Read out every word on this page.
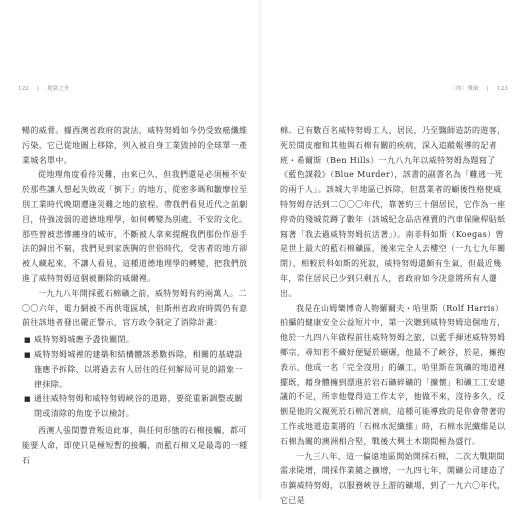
122 | 地獄之外

暢的威脅。據西澳省政府的說法，威特努姆如今仍受致癌纖維污染，它已從地圖上移除，列入被自身工業毀掉的全球單一產業城名單中。

從地理角度看待災難，由來已久，但我們還是必須極不安於那些讓人想起失敗或「倒下」的地方，從密多瑪和皺摩拉至別工業時代晚期遭逢災難之地的旅程。帶我們看見近代之前劇目，侍強凌弱的道德地理學，如何轉變為別處、不安的文化。那些曾被悲慘纏身的城市，不斷被人拿來提醒我們那份作惡手法的歸出不窮，我們見到家族胸的世俗時代，受害者的地方卻被人藏起來，不讓人看見，這種道德地理學的轉變，把我們放進了威特努姆這個被刪除的威爾裡。

一九九八年開採藍石棉礦之前，威特努姆有約兩萬人。二〇〇六年，電力網被不再供電區域，但斯州省政府時間仍有意前往該地者發出嚴正警示，官方政令制定了消除計畫：

■ 威特努姆城應予盡快關閉。
■ 威特努姆城裡的建築和結構體該悉數拆除，相關的基礎設施應予拆除，以將過去有人居住的任何解局可見的錯象一律抹除。
■ 通往威特努姆和威特努姆峽谷的道路，要從重新調整或關閉或清除的角度予以檢討。

西澳人張閏豐背叛這此事，與任何形態的石棉接觸，都可能要人命，即使只是極短暫的接觸，而藍石棉又是最毒的一種石

〔肉〕殘破 | 123

棉。已有數百名威特努姆工人、居民，乃至醫師造訪的遊客，死於間皮瘤和其他與石棉有關的疾病，深入追蹤報導的記者班・希爾斯（Ben Hills）一九八九年以威特努姆為題寫了《藍色謀殺》（Blue Murder），該書的副書名為「難逃一死的兩千人」。該城大半地區已拆除，但當業者的顧後性格使威特努姆存活到二〇〇〇年代，靠著約三十個居民，它作為一座停奇的殘城荒蹲了數年（該城紀念品店裡賣的汽車保險桿貼紙寫著「我去過威特努姆抗活著」）。南非科如斯（Koegas）曾是世上最大的藍石棉礦區，後來完全人去樓空（一九七九年關閉），相較於科如斯的死寂，威特努姆還頗有生氣，但最近幾年，常住居民已少到只剩五人，省政府如今決意將所有人遷出。

我是在山姆樂博奇人物羅爾夫・哈里斯（Rolf Harris）拍攝的健康安全公益短片中，第一次聽到威特努姆這個地方，他於一九四八年啟程前往威特努姆之旅，以藍手揮述威特努姆鄉宗，尋知若不藏好便疑於碾碾，他最不了峽谷，於是，擁抱表示，他成一名「完全沒用」的礦工，哈里斯在筑礦的地道裡擺既，藉身體擁到漂進於岩石礦碎礦的「擴懷」和礦工工安建議的不足，所幸他覺得這工作太辛，他做不來，沒待多久，反倒是他的父親死於石棉沉著病，這種可能導致的是你會帶著的工作或地道造業將的「石棉水泥纖維」時，石棉水泥纖維是以石棉為關的澳洲相合堅，戰後大興土木期間極為盛行。

一九三八年，這一偏遠地區開始開採石棉，二次大戰期間需求陡增，開採作業隨之擴增，一九四七年，開礦公司建造了市鎮威特努姆，以服務峽谷上游的礦場，到了一九六〇年代，它已是
